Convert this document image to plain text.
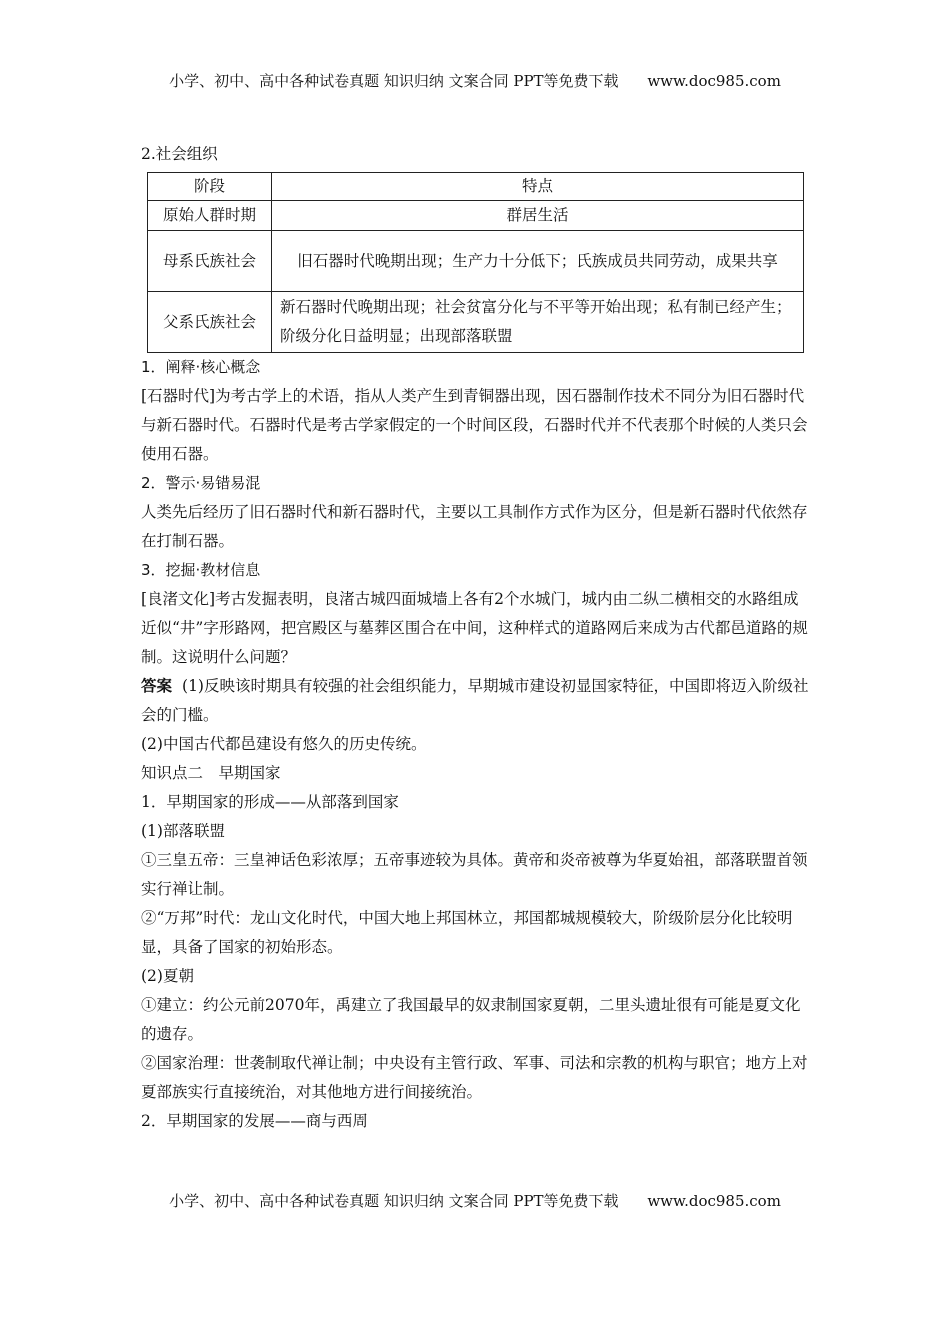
小学、初中、高中各种试卷真题 知识归纳 文案合同 PPT等免费下载 www.doc985.com

2.社会组织

阶段	特点
原始人群时期	群居生活
母系氏族社会	旧石器时代晚期出现；生产力十分低下；氏族成员共同劳动，成果共享
父系氏族社会	新石器时代晚期出现；社会贫富分化与不平等开始出现；私有制已经产生；阶级分化日益明显；出现部落联盟

1．阐释·核心概念

[石器时代]为考古学上的术语，指从人类产生到青铜器出现，因石器制作技术不同分为旧石器时代与新石器时代。石器时代是考古学家假定的一个时间区段，石器时代并不代表那个时候的人类只会使用石器。

2．警示·易错易混

人类先后经历了旧石器时代和新石器时代，主要以工具制作方式作为区分，但是新石器时代依然存在打制石器。

3．挖掘·教材信息

[良渚文化]考古发掘表明，良渚古城四面城墙上各有2个水城门，城内由二纵二横相交的水路组成近似“井”字形路网，把宫殿区与墓葬区围合在中间，这种样式的道路网后来成为古代都邑道路的规制。这说明什么问题？

答案 (1)反映该时期具有较强的社会组织能力，早期城市建设初显国家特征，中国即将迈入阶级社会的门槛。

(2)中国古代都邑建设有悠久的历史传统。

知识点二　早期国家

1．早期国家的形成——从部落到国家

(1)部落联盟

①三皇五帝：三皇神话色彩浓厚；五帝事迹较为具体。黄帝和炎帝被尊为华夏始祖，部落联盟首领实行禅让制。

②“万邦”时代：龙山文化时代，中国大地上邦国林立，邦国都城规模较大，阶级阶层分化比较明显，具备了国家的初始形态。

(2)夏朝

①建立：约公元前2070年，禹建立了我国最早的奴隶制国家夏朝，二里头遗址很有可能是夏文化的遗存。

②国家治理：世袭制取代禅让制；中央设有主管行政、军事、司法和宗教的机构与职官；地方上对夏部族实行直接统治，对其他地方进行间接统治。

2．早期国家的发展——商与西周

小学、初中、高中各种试卷真题 知识归纳 文案合同 PPT等免费下载 www.doc985.com
